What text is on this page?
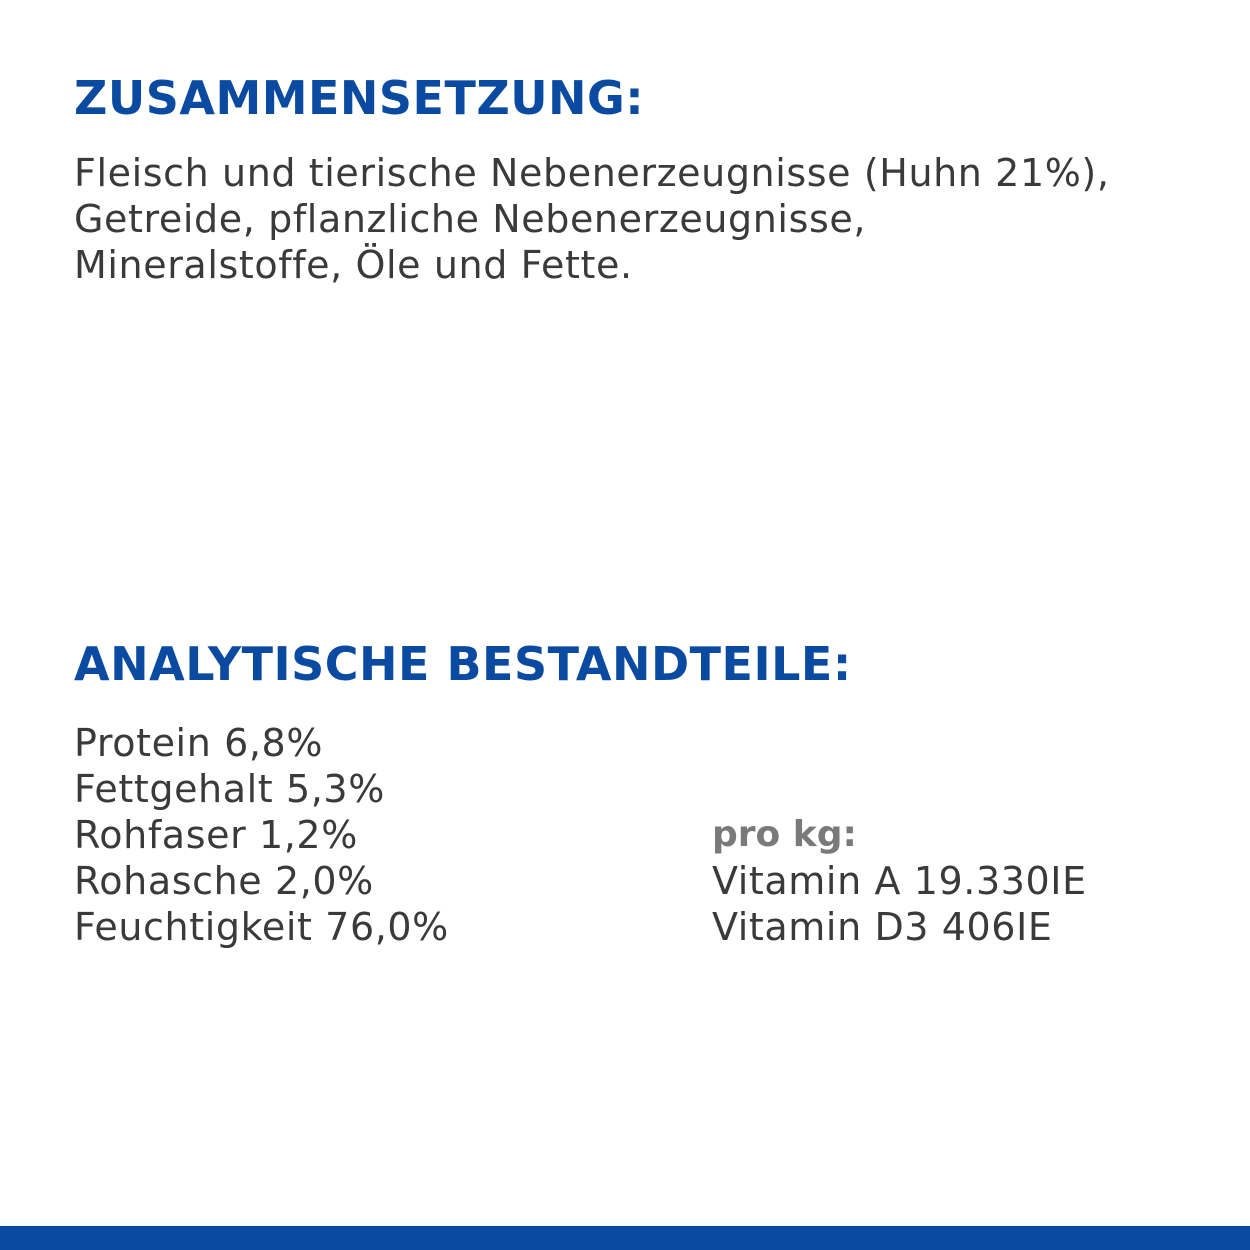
ZUSAMMENSETZUNG:

Fleisch und tierische Nebenerzeugnisse (Huhn 21%),
Getreide, pflanzliche Nebenerzeugnisse,
Mineralstoffe, Öle und Fette.

ANALYTISCHE BESTANDTEILE:
Protein 6,8%
Fettgehalt 5,3%
Rohfaser 1,2%
Rohasche 2,0%
Feuchtigkeit 76,0%
pro kg:
Vitamin A 19.330IE
Vitamin D3 406IE
